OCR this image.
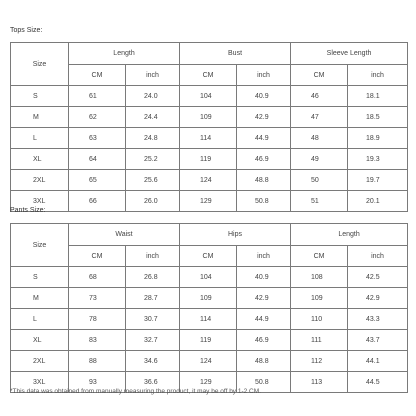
Tops Size:
Size	Length		Bust		Sleeve Length	
	CM	inch	CM	inch	CM	inch
S	61	24.0	104	40.9	46	18.1
M	62	24.4	109	42.9	47	18.5
L	63	24.8	114	44.9	48	18.9
XL	64	25.2	119	46.9	49	19.3
2XL	65	25.6	124	48.8	50	19.7
3XL	66	26.0	129	50.8	51	20.1
Pants Size:
Size	Waist		Hips		Length	
	CM	inch	CM	inch	CM	inch
S	68	26.8	104	40.9	108	42.5
M	73	28.7	109	42.9	109	42.9
L	78	30.7	114	44.9	110	43.3
XL	83	32.7	119	46.9	111	43.7
2XL	88	34.6	124	48.8	112	44.1
3XL	93	36.6	129	50.8	113	44.5
*This data was obtained from manually measuring the product, it may be off by 1-2 CM.
